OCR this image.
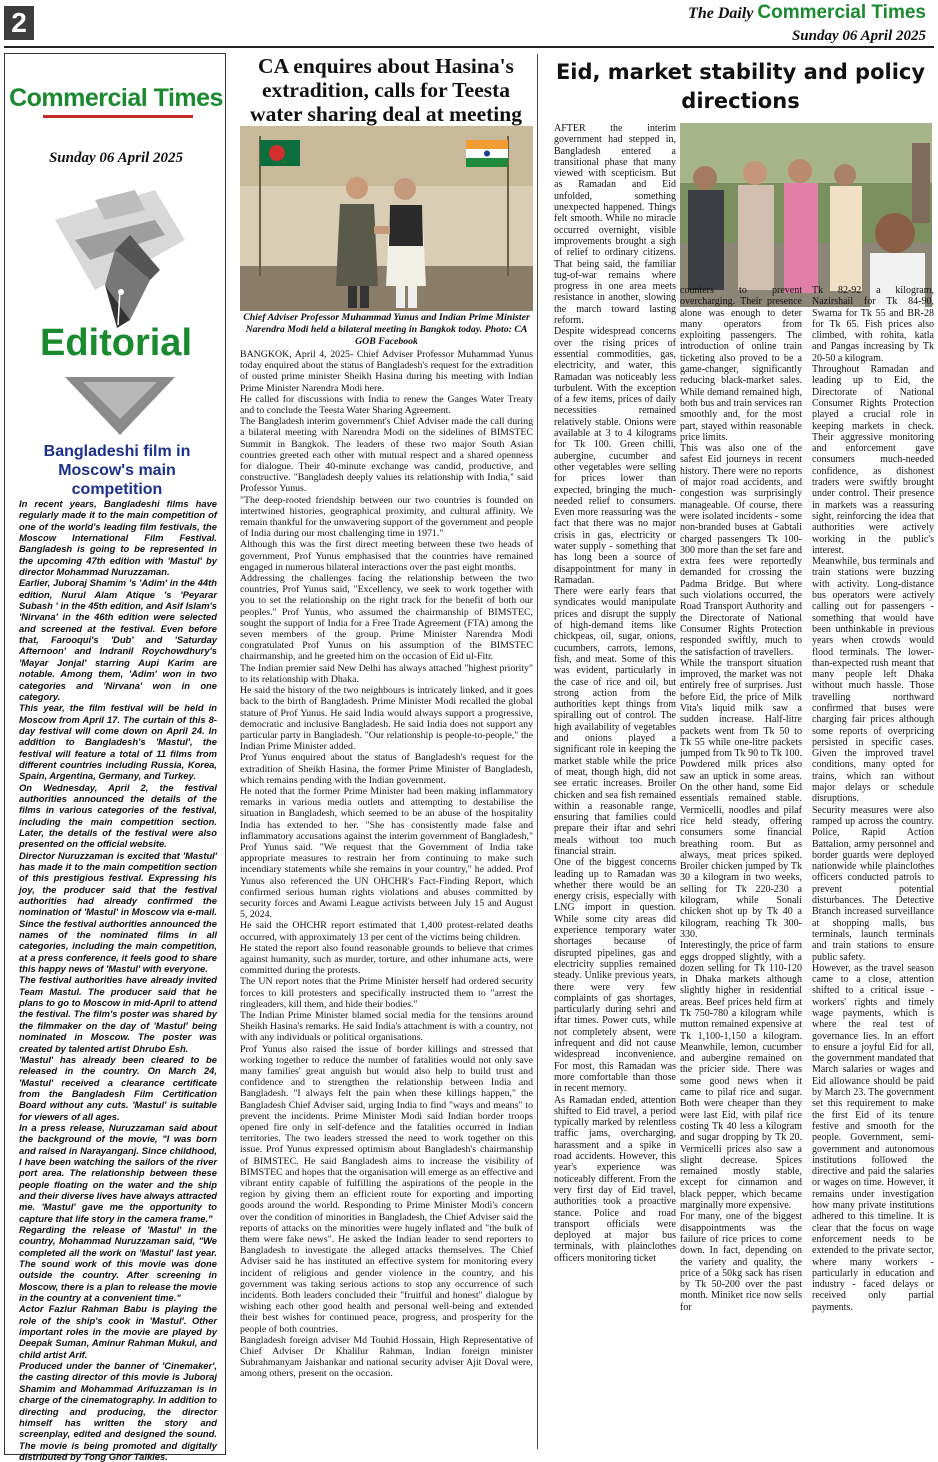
2	The Daily Commercial Times
Sunday 06 April 2025
Commercial Times
Sunday 06 April 2025
Editorial
Bangladeshi film in Moscow's main competition

In recent years, Bangladeshi films have regularly made it to the main competition of one of the world's leading film festivals, the Moscow International Film Festival. Bangladesh is going to be represented in the upcoming 47th edition with 'Mastul' by director Mohammad Nuruzzaman.

Earlier, Juboraj Shamim 's 'Adim' in the 44th edition, Nurul Alam Atique 's 'Peyarar Subash ' in the 45th edition, and Asif Islam's 'Nirvana' in the 46th edition were selected and screened at the festival. Even before that, Farooqui's 'Dub' and 'Saturday Afternoon' and Indranil Roychowdhury's 'Mayar Jonjal' starring Aupi Karim are notable. Among them, 'Adim' won in two categories and 'Nirvana' won in one category.

This year, the film festival will be held in Moscow from April 17. The curtain of this 8-day festival will come down on April 24. In addition to Bangladesh's 'Mastul', the festival will feature a total of 11 films from different countries including Russia, Korea, Spain, Argentina, Germany, and Turkey.

On Wednesday, April 2, the festival authorities announced the details of the films in various categories of the festival, including the main competition section. Later, the details of the festival were also presented on the official website.

Director Nuruzzaman is excited that 'Mastul' has made it to the main competition section of this prestigious festival. Expressing his joy, the producer said that the festival authorities had already confirmed the nomination of 'Mastul' in Moscow via e-mail. Since the festival authorities announced the names of the nominated films in all categories, including the main competition, at a press conference, it feels good to share this happy news of 'Mastul' with everyone.

The festival authorities have already invited Team Mastul. The producer said that he plans to go to Moscow in mid-April to attend the festival. The film's poster was shared by the filmmaker on the day of 'Mastul' being nominated in Moscow. The poster was created by talented artist Dhrubo Esh.

'Mastul' has already been cleared to be released in the country. On March 24, 'Mastul' received a clearance certificate from the Bangladesh Film Certification Board without any cuts. 'Mastul' is suitable for viewers of all ages.

In a press release, Nuruzzaman said about the background of the movie, "I was born and raised in Narayanganj. Since childhood, I have been watching the sailors of the river port area. The relationship between these people floating on the water and the ship and their diverse lives have always attracted me. 'Mastul' gave me the opportunity to capture that life story in the camera frame."

Regarding the release of 'Mastul' in the country, Mohammad Nuruzzaman said, "We completed all the work on 'Mastul' last year. The sound work of this movie was done outside the country. After screening in Moscow, there is a plan to release the movie in the country at a convenient time."

Actor Fazlur Rahman Babu is playing the role of the ship's cook in 'Mastul'. Other important roles in the movie are played by Deepak Suman, Aminur Rahman Mukul, and child artist Arif.

Produced under the banner of 'Cinemaker', the casting director of this movie is Juboraj Shamim and Mohammad Arifuzzaman is in charge of the cinematography. In addition to directing and producing, the director himself has written the story and screenplay, edited and designed the sound. The movie is being promoted and digitally distributed by Tong Ghor Talkies.

CA enquires about Hasina's extradition, calls for Teesta water sharing deal at meeting
Chief Adviser Professor Muhammad Yunus and Indian Prime Minister Narendra Modi held a bilateral meeting in Bangkok today. Photo: CA GOB Facebook

BANGKOK, April 4, 2025- Chief Adviser Professor Muhammad Yunus today enquired about the status of Bangladesh's request for the extradition of ousted prime minister Sheikh Hasina during his meeting with Indian Prime Minister Narendra Modi here.

He called for discussions with India to renew the Ganges Water Treaty and to conclude the Teesta Water Sharing Agreement.

The Bangladesh interim government's Chief Adviser made the call during a bilateral meeting with Narendra Modi on the sidelines of BIMSTEC Summit in Bangkok. The leaders of these two major South Asian countries greeted each other with mutual respect and a shared openness for dialogue. Their 40-minute exchange was candid, productive, and constructive. "Bangladesh deeply values its relationship with India," said Professor Yunus.

"The deep-rooted friendship between our two countries is founded on intertwined histories, geographical proximity, and cultural affinity. We remain thankful for the unwavering support of the government and people of India during our most challenging time in 1971."

Although this was the first direct meeting between these two heads of government, Prof Yunus emphasised that the countries have remained engaged in numerous bilateral interactions over the past eight months.

Addressing the challenges facing the relationship between the two countries, Prof Yunus said, "Excellency, we seek to work together with you to set the relationship on the right track for the benefit of both our peoples." Prof Yunus, who assumed the chairmanship of BIMSTEC, sought the support of India for a Free Trade Agreement (FTA) among the seven members of the group. Prime Minister Narendra Modi congratulated Prof Yunus on his assumption of the BIMSTEC chairmanship, and he greeted him on the occasion of Eid ul-Fitr.

The Indian premier said New Delhi has always attached "highest priority" to its relationship with Dhaka.

He said the history of the two neighbours is intricately linked, and it goes back to the birth of Bangladesh. Prime Minister Modi recalled the global stature of Prof Yunus. He said India would always support a progressive, democratic and inclusive Bangladesh. He said India does not support any particular party in Bangladesh. "Our relationship is people-to-people," the Indian Prime Minister added.

Prof Yunus enquired about the status of Bangladesh's request for the extradition of Sheikh Hasina, the former Prime Minister of Bangladesh, which remains pending with the Indian government.

He noted that the former Prime Minister had been making inflammatory remarks in various media outlets and attempting to destabilise the situation in Bangladesh, which seemed to be an abuse of the hospitality India has extended to her. "She has consistently made false and inflammatory accusations against the interim government of Bangladesh," Prof Yunus said. "We request that the Government of India take appropriate measures to restrain her from continuing to make such incendiary statements while she remains in your country," he added. Prof Yunus also referenced the UN OHCHR's Fact-Finding Report, which confirmed serious human rights violations and abuses committed by security forces and Awami League activists between July 15 and August 5, 2024.

He said the OHCHR report estimated that 1,400 protest-related deaths occurred, with approximately 13 per cent of the victims being children.

He stated the report also found reasonable grounds to believe that crimes against humanity, such as murder, torture, and other inhumane acts, were committed during the protests.

The UN report notes that the Prime Minister herself had ordered security forces to kill protesters and specifically instructed them to "arrest the ringleaders, kill them, and hide their bodies."

The Indian Prime Minister blamed social media for the tensions around Sheikh Hasina's remarks. He said India's attachment is with a country, not with any individuals or political organisations.

Prof Yunus also raised the issue of border killings and stressed that working together to reduce the number of fatalities would not only save many families' great anguish but would also help to build trust and confidence and to strengthen the relationship between India and Bangladesh. "I always felt the pain when these killings happen," the Bangladesh Chief Adviser said, urging India to find "ways and means" to prevent the incidents. Prime Minister Modi said Indian border troops opened fire only in self-defence and the fatalities occurred in Indian territories. The two leaders stressed the need to work together on this issue. Prof Yunus expressed optimism about Bangladesh's chairmanship of BIMSTEC. He said Bangladesh aims to increase the visibility of BIMSTEC and hopes that the organisation will emerge as an effective and vibrant entity capable of fulfilling the aspirations of the people in the region by giving them an efficient route for exporting and importing goods around the world. Responding to Prime Minister Modi's concern over the condition of minorities in Bangladesh, the Chief Adviser said the reports of attacks on the minorities were hugely inflated and "the bulk of them were fake news". He asked the Indian leader to send reporters to Bangladesh to investigate the alleged attacks themselves. The Chief Adviser said he has instituted an effective system for monitoring every incident of religious and gender violence in the country, and his government was taking serious actions to stop any occurrence of such incidents. Both leaders concluded their "fruitful and honest" dialogue by wishing each other good health and personal well-being and extended their best wishes for continued peace, progress, and prosperity for the people of both countries.

Bangladesh foreign adviser Md Touhid Hossain, High Representative of Chief Adviser Dr Khalilur Rahman, Indian foreign minister Subrahmanyam Jaishankar and national security adviser Ajit Doval were, among others, present on the occasion.

Eid, market stability and policy directions

AFTER the interim government had stepped in, Bangladesh entered a transitional phase that many viewed with scepticism. But as Ramadan and Eid unfolded, something unexpected happened. Things felt smooth. While no miracle occurred overnight, visible improvements brought a sigh of relief to ordinary citizens. That being said, the familiar tug-of-war remains where progress in one area meets resistance in another, slowing the march toward lasting reform.

Despite widespread concerns over the rising prices of essential commodities, gas, electricity, and water, this Ramadan was noticeably less turbulent. With the exception of a few items, prices of daily necessities remained relatively stable. Onions were available at 3 to 4 kilograms for Tk 100. Green chilli, aubergine, cucumber and other vegetables were selling for prices lower than expected, bringing the much-needed relief to consumers. Even more reassuring was the fact that there was no major crisis in gas, electricity or water supply - something that has long been a source of disappointment for many in Ramadan.

There were early fears that syndicates would manipulate prices and disrupt the supply of high-demand items like chickpeas, oil, sugar, onions, cucumbers, carrots, lemons, fish, and meat. Some of this was evident, particularly in the case of rice and oil, but strong action from the authorities kept things from spiralling out of control. The high availability of vegetables and onions played a significant role in keeping the market stable while the price of meat, though high, did not see erratic increases. Broiler chicken and sea fish remained within a reasonable range, ensuring that families could prepare their iftar and sehri meals without too much financial strain.

One of the biggest concerns leading up to Ramadan was whether there would be an energy crisis, especially with LNG import in question. While some city areas did experience temporary water shortages because of disrupted pipelines, gas and electricity supplies remained steady. Unlike previous years, there were very few complaints of gas shortages, particularly during sehri and iftar times. Power cuts, while not completely absent, were infrequent and did not cause widespread inconvenience. For most, this Ramadan was more comfortable than those in recent memory.

As Ramadan ended, attention shifted to Eid travel, a period typically marked by relentless traffic jams, overcharging, harassment and a spike in road accidents. However, this year's experience was noticeably different. From the very first day of Eid travel, authorities took a proactive stance. Police and road transport officials were deployed at major bus terminals, with plainclothes officers monitoring ticket

counters to prevent overcharging. Their presence alone was enough to deter many operators from exploiting passengers. The introduction of online train ticketing also proved to be a game-changer, significantly reducing black-market sales. While demand remained high, both bus and train services ran smoothly and, for the most part, stayed within reasonable price limits.

This was also one of the safest Eid journeys in recent history. There were no reports of major road accidents, and congestion was surprisingly manageable. Of course, there were isolated incidents - some non-branded buses at Gabtali charged passengers Tk 100-300 more than the set fare and extra fees were reportedly demanded for crossing the Padma Bridge. But where such violations occurred, the Road Transport Authority and the Directorate of National Consumer Rights Protection responded swiftly, much to the satisfaction of travellers.

While the transport situation improved, the market was not entirely free of surprises. Just before Eid, the price of Milk Vita's liquid milk saw a sudden increase. Half-litre packets went from Tk 50 to Tk 55 while one-litre packets jumped from Tk 90 to Tk 100. Powdered milk prices also saw an uptick in some areas. On the other hand, some Eid essentials remained stable. Vermicelli, noodles and pilaf rice held steady, offering consumers some financial breathing room. But as always, meat prices spiked. Broiler chicken jumped by Tk 30 a kilogram in two weeks, selling for Tk 220-230 a kilogram, while Sonali chicken shot up by Tk 40 a kilogram, reaching Tk 300-330.

Interestingly, the price of farm eggs dropped slightly, with a dozen selling for Tk 110-120 in Dhaka markets although slightly higher in residential areas. Beef prices held firm at Tk 750-780 a kilogram while mutton remained expensive at Tk 1,100-1,150 a kilogram. Meanwhile, lemon, cucumber and aubergine remained on the pricier side. There was some good news when it came to pilaf rice and sugar. Both were cheaper than they were last Eid, with pilaf rice costing Tk 40 less a kilogram and sugar dropping by Tk 20. Vermicelli prices also saw a slight decrease. Spices remained mostly stable, except for cinnamon and black pepper, which became marginally more expensive.

For many, one of the biggest disappointments was the failure of rice prices to come down. In fact, depending on the variety and quality, the price of a 50kg sack has risen by Tk 50-200 over the past month. Miniket rice now sells for

Tk 82-92 a kilogram, Nazirshail for Tk 84-90, Swarna for Tk 55 and BR-28 for Tk 65. Fish prices also climbed, with rohita, katla and Pangas increasing by Tk 20-50 a kilogram.

Throughout Ramadan and leading up to Eid, the Directorate of National Consumer Rights Protection played a crucial role in keeping markets in check. Their aggressive monitoring and enforcement gave consumers much-needed confidence, as dishonest traders were swiftly brought under control. Their presence in markets was a reassuring sight, reinforcing the idea that authorities were actively working in the public's interest.

Meanwhile, bus terminals and train stations were buzzing with activity. Long-distance bus operators were actively calling out for passengers - something that would have been unthinkable in previous years when crowds would flood terminals. The lower-than-expected rush meant that many people left Dhaka without much hassle. Those travelling northward confirmed that buses were charging fair prices although some reports of overpricing persisted in specific cases. Given the improved travel conditions, many opted for trains, which ran without major delays or schedule disruptions.

Security measures were also ramped up across the country. Police, Rapid Action Battalion, army personnel and border guards were deployed nationwide while plainclothes officers conducted patrols to prevent potential disturbances. The Detective Branch increased surveillance at shopping malls, bus terminals, launch terminals and train stations to ensure public safety.

However, as the travel season came to a close, attention shifted to a critical issue - workers' rights and timely wage payments, which is where the real test of governance lies. In an effort to ensure a joyful Eid for all, the government mandated that March salaries or wages and Eid allowance should be paid by March 23. The government set this requirement to make the first Eid of its tenure festive and smooth for the people. Government, semi-government and autonomous institutions followed the directive and paid the salaries or wages on time. However, it remains under investigation how many private institutions adhered to this timeline. It is clear that the focus on wage enforcement needs to be extended to the private sector, where many workers - particularly in education and industry - faced delays or received only partial payments.
